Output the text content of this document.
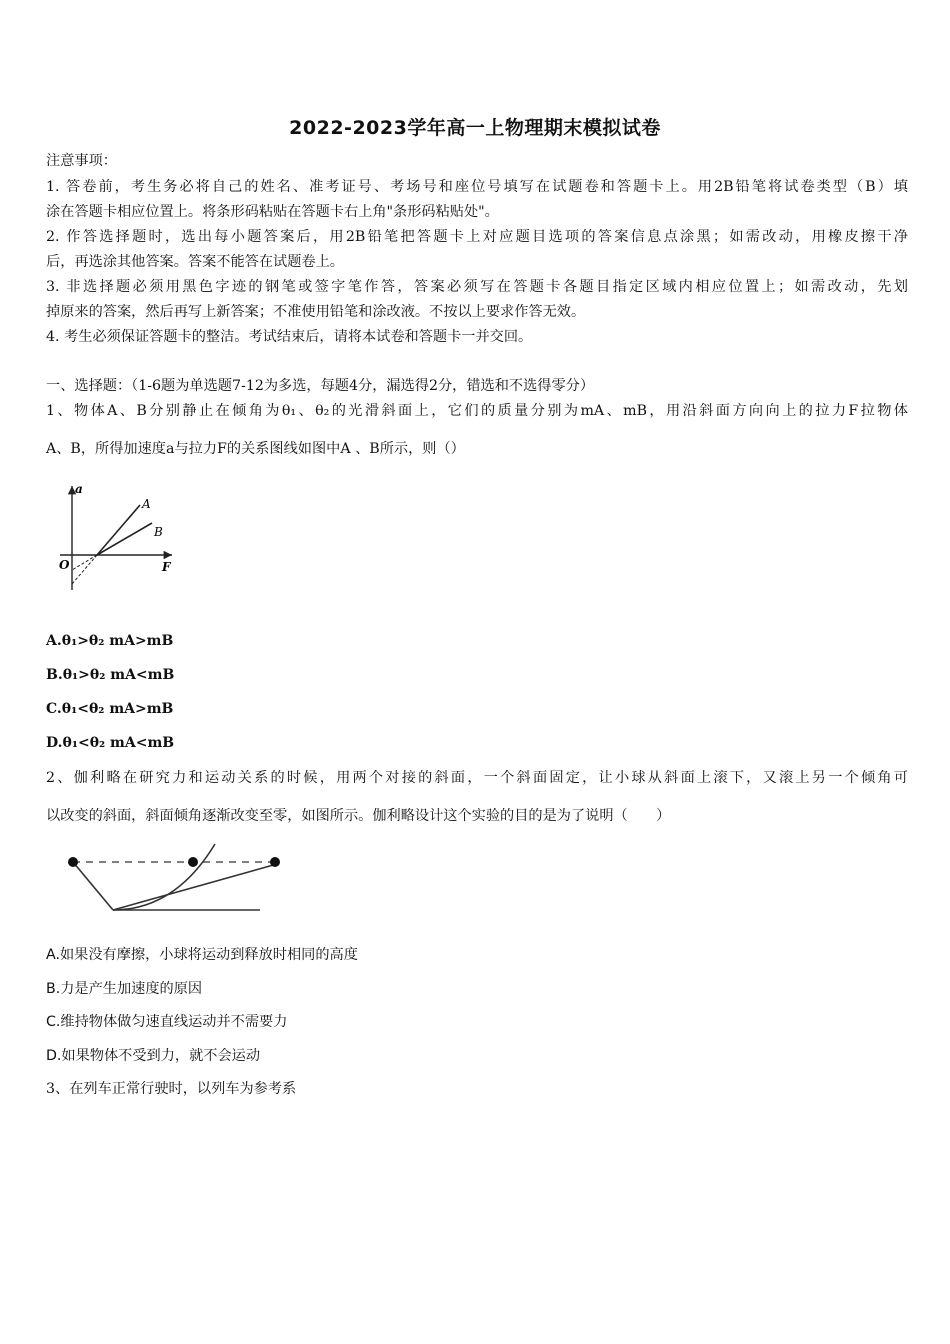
2022-2023学年高一上物理期末模拟试卷
注意事项：
1. 答卷前，考生务必将自己的姓名、准考证号、考场号和座位号填写在试题卷和答题卡上。用2B铅笔将试卷类型（B）填
涂在答题卡相应位置上。将条形码粘贴在答题卡右上角"条形码粘贴处"。
2. 作答选择题时，选出每小题答案后，用2B铅笔把答题卡上对应题目选项的答案信息点涂黑；如需改动，用橡皮擦干净
后，再选涂其他答案。答案不能答在试题卷上。
3. 非选择题必须用黑色字迹的钢笔或签字笔作答，答案必须写在答题卡各题目指定区域内相应位置上；如需改动，先划
掉原来的答案，然后再写上新答案；不准使用铅笔和涂改液。不按以上要求作答无效。
4. 考生必须保证答题卡的整洁。考试结束后，请将本试卷和答题卡一并交回。
一、选择题：（1-6题为单选题7-12为多选，每题4分，漏选得2分，错选和不选得零分）
1、物体A、B分别静止在倾角为θ₁、θ₂的光滑斜面上，它们的质量分别为mA、mB，用沿斜面方向向上的拉力F拉物体
A、B，所得加速度a与拉力F的关系图线如图中A 、B所示，则（）
a
F
O
A
B
A.θ₁>θ₂ mA>mB
B.θ₁>θ₂ mA<mB
C.θ₁<θ₂ mA>mB
D.θ₁<θ₂ mA<mB
2、伽利略在研究力和运动关系的时候，用两个对接的斜面，一个斜面固定，让小球从斜面上滚下，又滚上另一个倾角可
以改变的斜面，斜面倾角逐渐改变至零，如图所示。伽利略设计这个实验的目的是为了说明（　　）
A.如果没有摩擦，小球将运动到释放时相同的高度
B.力是产生加速度的原因
C.维持物体做匀速直线运动并不需要力
D.如果物体不受到力，就不会运动
3、在列车正常行驶时，以列车为参考系
